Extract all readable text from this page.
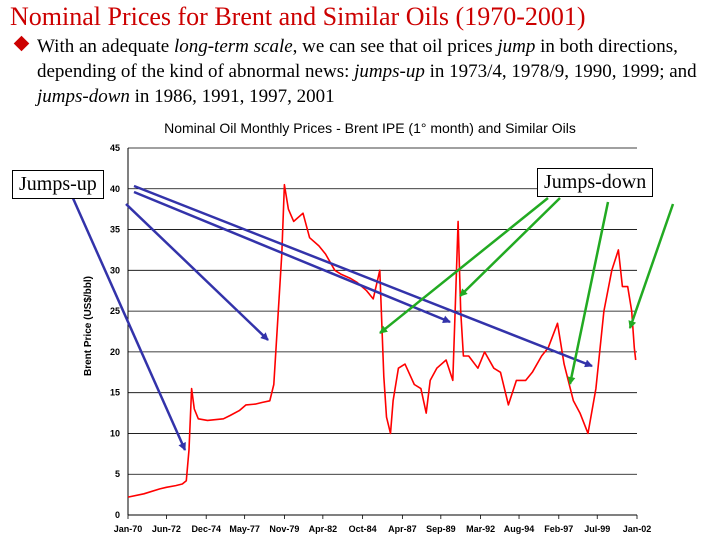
Nominal Prices for Brent and Similar Oils (1970-2001)
With an adequate long-term scale, we can see that oil prices jump in both directions, depending of the kind of abnormal news: jumps-up in 1973/4, 1978/9, 1990, 1999; and jumps-down in 1986, 1991, 1997, 2001
Nominal Oil Monthly Prices - Brent IPE (1° month) and Similar Oils
0
5
10
15
20
25
30
35
40
45
Jan-70 Jun-72 Dec-74 May-77 Nov-79 Apr-82 Oct-84 Apr-87 Sep-89 Mar-92 Aug-94 Feb-97 Jul-99 Jan-02
Brent Price (US$/bbl)
Jumps-up	Jumps-down
